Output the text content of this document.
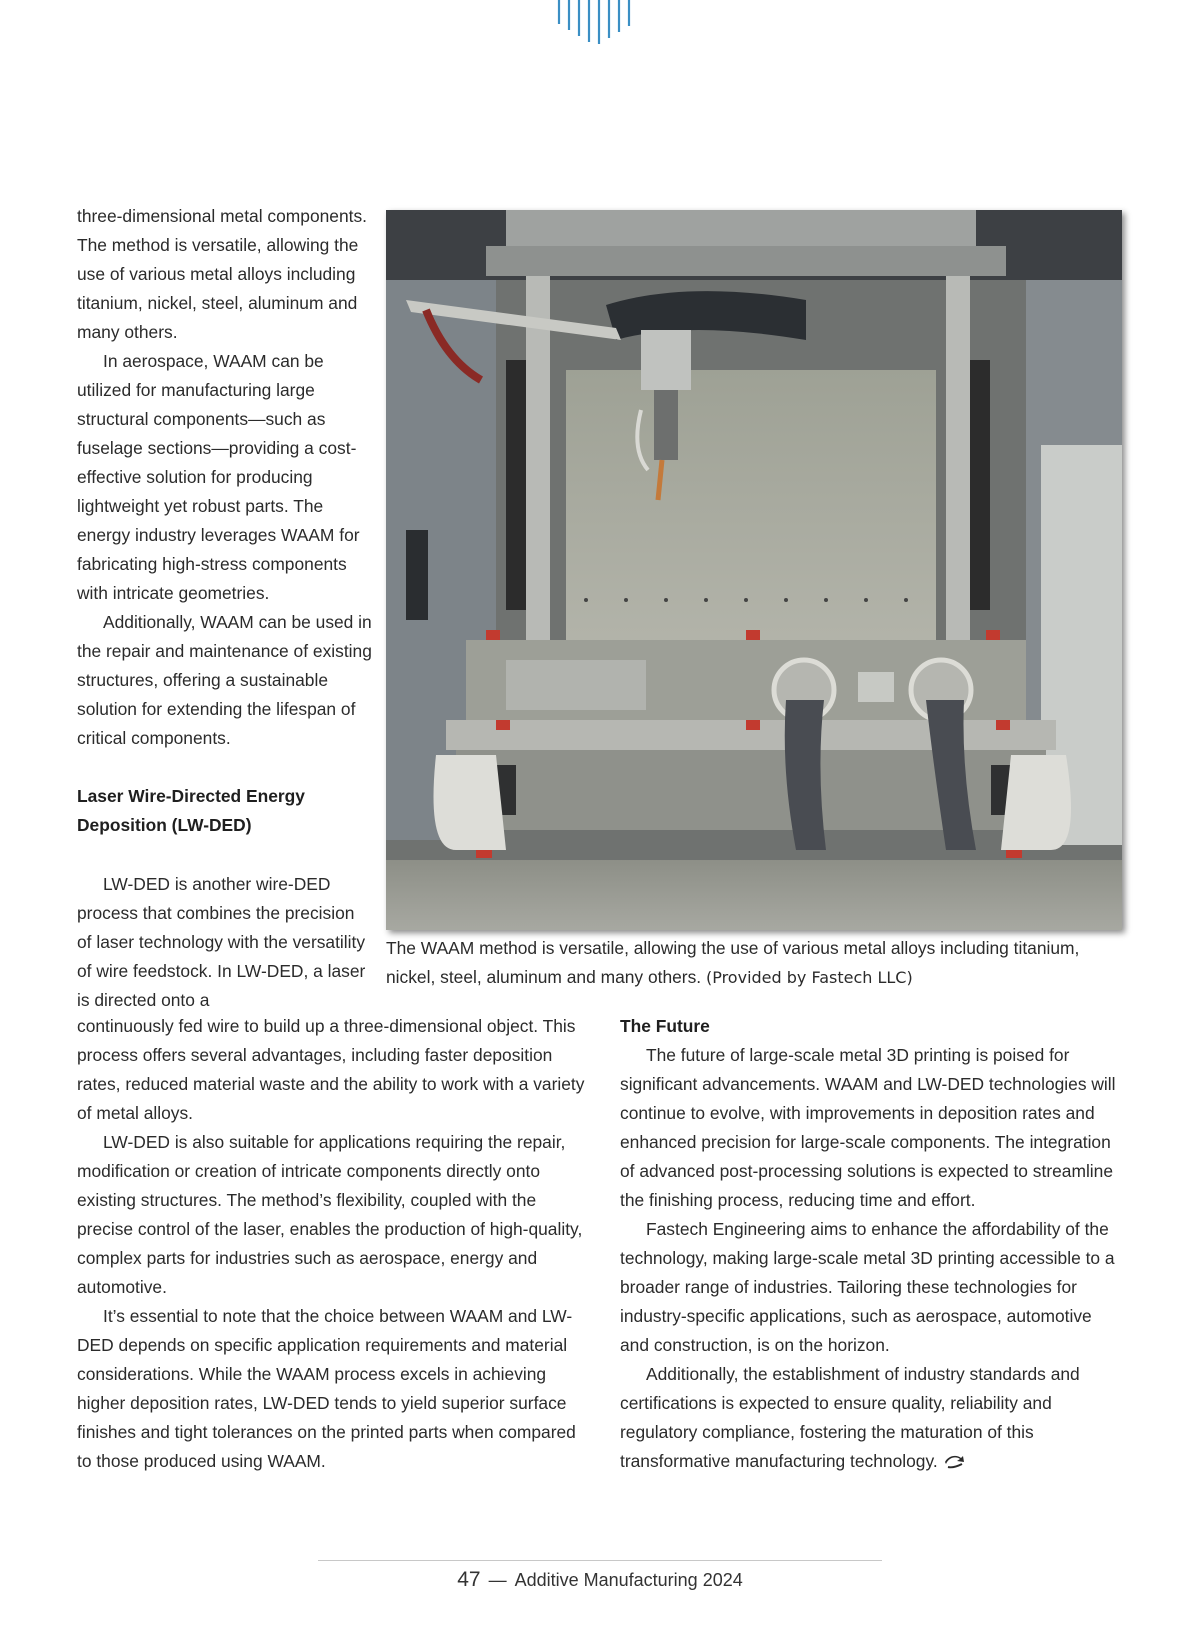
three-dimensional metal components. The method is versatile, allowing the use of various metal alloys including titanium, nickel, steel, aluminum and many others.

In aerospace, WAAM can be utilized for manufacturing large structural components—such as fuselage sections—providing a cost-effective solution for producing lightweight yet robust parts. The energy industry leverages WAAM for fabricating high-stress components with intricate geometries.

Additionally, WAAM can be used in the repair and maintenance of existing structures, offering a sustainable solution for extending the lifespan of critical components.

Laser Wire-Directed Energy Deposition (LW-DED)

LW-DED is another wire-DED process that combines the precision of laser technology with the versatility of wire feedstock. In LW-DED, a laser is directed onto a

continuously fed wire to build up a three-dimensional object. This process offers several advantages, including faster deposition rates, reduced material waste and the ability to work with a variety of metal alloys.

LW-DED is also suitable for applications requiring the repair, modification or creation of intricate components directly onto existing structures. The method’s flexibility, coupled with the precise control of the laser, enables the production of high-quality, complex parts for industries such as aerospace, energy and automotive.

It’s essential to note that the choice between WAAM and LW-DED depends on specific application requirements and material considerations. While the WAAM process excels in achieving higher deposition rates, LW-DED tends to yield superior surface finishes and tight tolerances on the printed parts when compared to those produced using WAAM.

The Future

The future of large-scale metal 3D printing is poised for significant advancements. WAAM and LW-DED technologies will continue to evolve, with improvements in deposition rates and enhanced precision for large-scale components. The integration of advanced post-processing solutions is expected to streamline the finishing process, reducing time and effort.

Fastech Engineering aims to enhance the affordability of the technology, making large-scale metal 3D printing accessible to a broader range of industries. Tailoring these technologies for industry-specific applications, such as aerospace, automotive and construction, is on the horizon.

Additionally, the establishment of industry standards and certifications is expected to ensure quality, reliability and regulatory compliance, fostering the maturation of this transformative manufacturing technology.

The WAAM method is versatile, allowing the use of various metal alloys including titanium, nickel, steel, aluminum and many others. (Provided by Fastech LLC)
47 — Additive Manufacturing 2024
